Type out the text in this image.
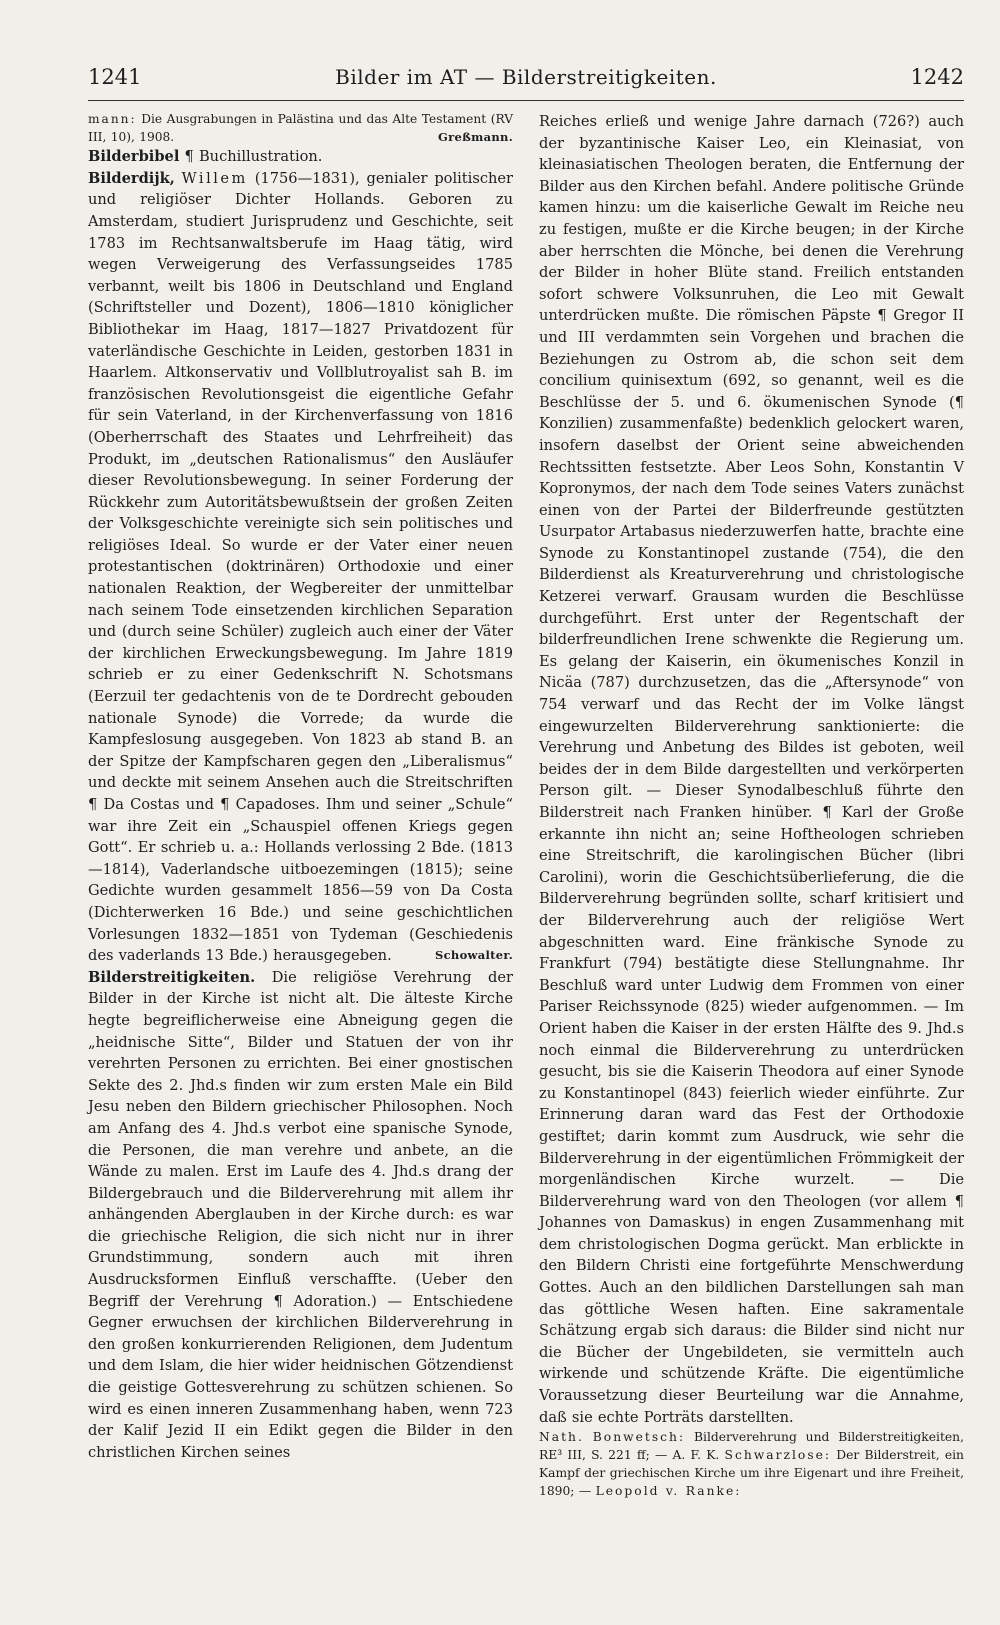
1241	Bilder im AT — Bilderstreitigkeiten.	1242

mann: Die Ausgrabungen in Palästina und das Alte Testament (RV III, 10), 1908.	Greßmann.

Bilderbibel ¶ Buchillustration.

Bilderdijk, Willem (1756—1831), genialer politischer und religiöser Dichter Hollands. Geboren zu Amsterdam, studiert Jurisprudenz und Geschichte, seit 1783 im Rechtsanwaltsberufe im Haag tätig, wird wegen Verweigerung des Verfassungseides 1785 verbannt, weilt bis 1806 in Deutschland und England (Schriftsteller und Dozent), 1806—1810 königlicher Bibliothekar im Haag, 1817—1827 Privatdozent für vaterländische Geschichte in Leiden, gestorben 1831 in Haarlem. Altkonservativ und Vollblutroyalist sah B. im französischen Revolutionsgeist die eigentliche Gefahr für sein Vaterland, in der Kirchenverfassung von 1816 (Oberherrschaft des Staates und Lehrfreiheit) das Produkt, im „deutschen Rationalismus“ den Ausläufer dieser Revolutionsbewegung. In seiner Forderung der Rückkehr zum Autoritätsbewußtsein der großen Zeiten der Volksgeschichte vereinigte sich sein politisches und religiöses Ideal. So wurde er der Vater einer neuen protestantischen (doktrinären) Orthodoxie und einer nationalen Reaktion, der Wegbereiter der unmittelbar nach seinem Tode einsetzenden kirchlichen Separation und (durch seine Schüler) zugleich auch einer der Väter der kirchlichen Erweckungsbewegung. Im Jahre 1819 schrieb er zu einer Gedenkschrift N. Schotsmans (Eerzuil ter gedachtenis von de te Dordrecht gebouden nationale Synode) die Vorrede; da wurde die Kampfeslosung ausgegeben. Von 1823 ab stand B. an der Spitze der Kampfscharen gegen den „Liberalismus“ und deckte mit seinem Ansehen auch die Streitschriften ¶ Da Costas und ¶ Capadoses. Ihm und seiner „Schule“ war ihre Zeit ein „Schauspiel offenen Kriegs gegen Gott“. Er schrieb u. a.: Hollands verlossing 2 Bde. (1813 —1814), Vaderlandsche uitboezemingen (1815); seine Gedichte wurden gesammelt 1856—59 von Da Costa (Dichterwerken 16 Bde.) und seine geschichtlichen Vorlesungen 1832—1851 von Tydeman (Geschiedenis des vaderlands 13 Bde.) herausgegeben.	Schowalter.

Bilderstreitigkeiten. Die religiöse Verehrung der Bilder in der Kirche ist nicht alt. Die älteste Kirche hegte begreiflicherweise eine Abneigung gegen die „heidnische Sitte“, Bilder und Statuen der von ihr verehrten Personen zu errichten. Bei einer gnostischen Sekte des 2. Jhd.s finden wir zum ersten Male ein Bild Jesu neben den Bildern griechischer Philosophen. Noch am Anfang des 4. Jhd.s verbot eine spanische Synode, die Personen, die man verehre und anbete, an die Wände zu malen. Erst im Laufe des 4. Jhd.s drang der Bildergebrauch und die Bilderverehrung mit allem ihr anhängenden Aberglauben in der Kirche durch: es war die griechische Religion, die sich nicht nur in ihrer Grundstimmung, sondern auch mit ihren Ausdrucksformen Einfluß verschaffte. (Ueber den Begriff der Verehrung ¶ Adoration.) — Entschiedene Gegner erwuchsen der kirchlichen Bilderverehrung in den großen konkurrierenden Religionen, dem Judentum und dem Islam, die hier wider heidnischen Götzendienst die geistige Gottesverehrung zu schützen schienen. So wird es einen inneren Zusammenhang haben, wenn 723 der Kalif Jezid II ein Edikt gegen die Bilder in den christlichen Kirchen seines

Reiches erließ und wenige Jahre darnach (726?) auch der byzantinische Kaiser Leo, ein Kleinasiat, von kleinasiatischen Theologen beraten, die Entfernung der Bilder aus den Kirchen befahl. Andere politische Gründe kamen hinzu: um die kaiserliche Gewalt im Reiche neu zu festigen, mußte er die Kirche beugen; in der Kirche aber herrschten die Mönche, bei denen die Verehrung der Bilder in hoher Blüte stand. Freilich entstanden sofort schwere Volksunruhen, die Leo mit Gewalt unterdrücken mußte. Die römischen Päpste ¶ Gregor II und III verdammten sein Vorgehen und brachen die Beziehungen zu Ostrom ab, die schon seit dem concilium quinisextum (692, so genannt, weil es die Beschlüsse der 5. und 6. ökumenischen Synode (¶ Konzilien) zusammenfaßte) bedenklich gelockert waren, insofern daselbst der Orient seine abweichenden Rechtssitten festsetzte. Aber Leos Sohn, Konstantin V Kopronymos, der nach dem Tode seines Vaters zunächst einen von der Partei der Bilderfreunde gestützten Usurpator Artabasus niederzuwerfen hatte, brachte eine Synode zu Konstantinopel zustande (754), die den Bilderdienst als Kreaturverehrung und christologische Ketzerei verwarf. Grausam wurden die Beschlüsse durchgeführt. Erst unter der Regentschaft der bilderfreundlichen Irene schwenkte die Regierung um. Es gelang der Kaiserin, ein ökumenisches Konzil in Nicäa (787) durchzusetzen, das die „Aftersynode“ von 754 verwarf und das Recht der im Volke längst eingewurzelten Bilderverehrung sanktionierte: die Verehrung und Anbetung des Bildes ist geboten, weil beides der in dem Bilde dargestellten und verkörperten Person gilt. — Dieser Synodalbeschluß führte den Bilderstreit nach Franken hinüber. ¶ Karl der Große erkannte ihn nicht an; seine Hoftheologen schrieben eine Streitschrift, die karolingischen Bücher (libri Carolini), worin die Geschichtsüberlieferung, die die Bilderverehrung begründen sollte, scharf kritisiert und der Bilderverehrung auch der religiöse Wert abgeschnitten ward. Eine fränkische Synode zu Frankfurt (794) bestätigte diese Stellungnahme. Ihr Beschluß ward unter Ludwig dem Frommen von einer Pariser Reichssynode (825) wieder aufgenommen. — Im Orient haben die Kaiser in der ersten Hälfte des 9. Jhd.s noch einmal die Bilderverehrung zu unterdrücken gesucht, bis sie die Kaiserin Theodora auf einer Synode zu Konstantinopel (843) feierlich wieder einführte. Zur Erinnerung daran ward das Fest der Orthodoxie gestiftet; darin kommt zum Ausdruck, wie sehr die Bilderverehrung in der eigentümlichen Frömmigkeit der morgenländischen Kirche wurzelt. — Die Bilderverehrung ward von den Theologen (vor allem ¶ Johannes von Damaskus) in engen Zusammenhang mit dem christologischen Dogma gerückt. Man erblickte in den Bildern Christi eine fortgeführte Menschwerdung Gottes. Auch an den bildlichen Darstellungen sah man das göttliche Wesen haften. Eine sakramentale Schätzung ergab sich daraus: die Bilder sind nicht nur die Bücher der Ungebildeten, sie vermitteln auch wirkende und schützende Kräfte. Die eigentümliche Voraussetzung dieser Beurteilung war die Annahme, daß sie echte Porträts darstellten.

Nath. Bonwetsch: Bilderverehrung und Bilderstreitigkeiten, RE³ III, S. 221 ff; — A. F. K. Schwarzlose: Der Bilderstreit, ein Kampf der griechischen Kirche um ihre Eigenart und ihre Freiheit, 1890; — Leopold v. Ranke:
